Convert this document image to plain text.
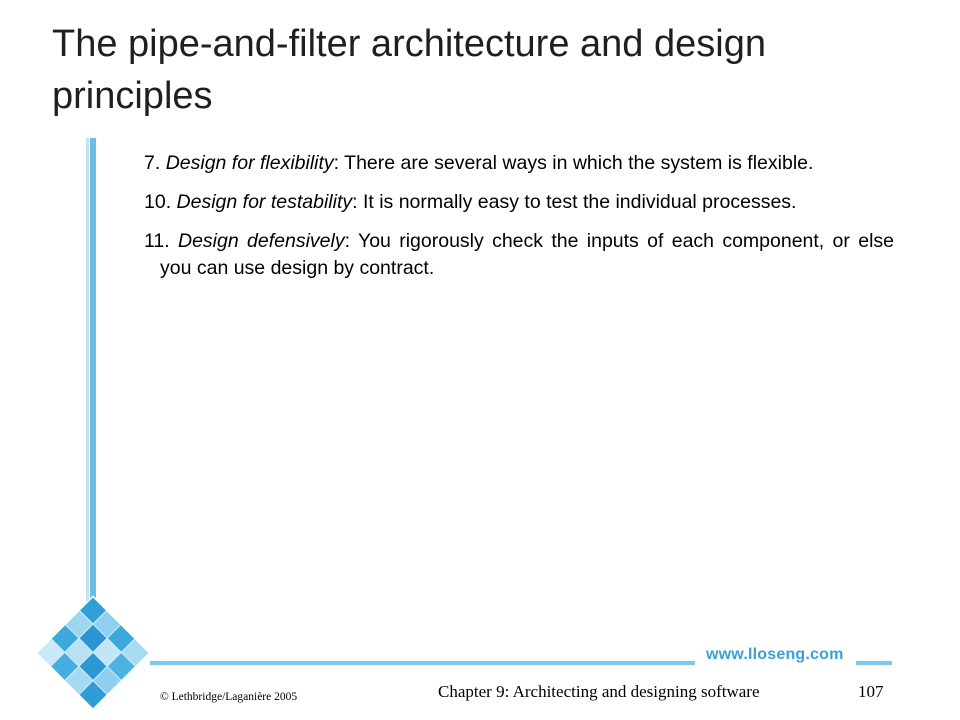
The pipe-and-filter architecture and design principles

7. Design for flexibility: There are several ways in which the system is flexible.

10. Design for testability: It is normally easy to test the individual processes.

11. Design defensively: You rigorously check the inputs of each component, or else you can use design by contract.

www.lloseng.com
© Lethbridge/Laganière 2005	Chapter 9: Architecting and designing software	107
